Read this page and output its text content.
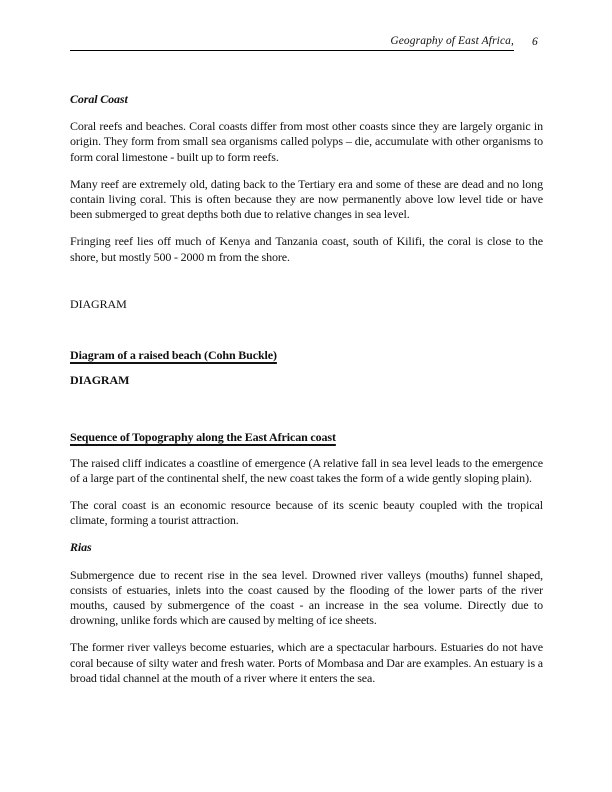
Geography of East Africa, 6
Coral Coast

Coral reefs and beaches. Coral coasts differ from most other coasts since they are largely organic in origin. They form from small sea organisms called polyps – die, accumulate with other organisms to form coral limestone - built up to form reefs.

Many reef are extremely old, dating back to the Tertiary era and some of these are dead and no long contain living coral. This is often because they are now permanently above low level tide or have been submerged to great depths both due to relative changes in sea level.

Fringing reef lies off much of Kenya and Tanzania coast, south of Kilifi, the coral is close to the shore, but mostly 500 - 2000 m from the shore.

DIAGRAM
Diagram of a raised beach (Cohn Buckle)
DIAGRAM
Sequence of Topography along the East African coast

The raised cliff indicates a coastline of emergence (A relative fall in sea level leads to the emergence of a large part of the continental shelf, the new coast takes the form of a wide gently sloping plain).

The coral coast is an economic resource because of its scenic beauty coupled with the tropical climate, forming a tourist attraction.

Rias

Submergence due to recent rise in the sea level. Drowned river valleys (mouths) funnel shaped, consists of estuaries, inlets into the coast caused by the flooding of the lower parts of the river mouths, caused by submergence of the coast - an increase in the sea volume. Directly due to drowning, unlike fords which are caused by melting of ice sheets.

The former river valleys become estuaries, which are a spectacular harbours. Estuaries do not have coral because of silty water and fresh water. Ports of Mombasa and Dar are examples. An estuary is a broad tidal channel at the mouth of a river where it enters the sea.
